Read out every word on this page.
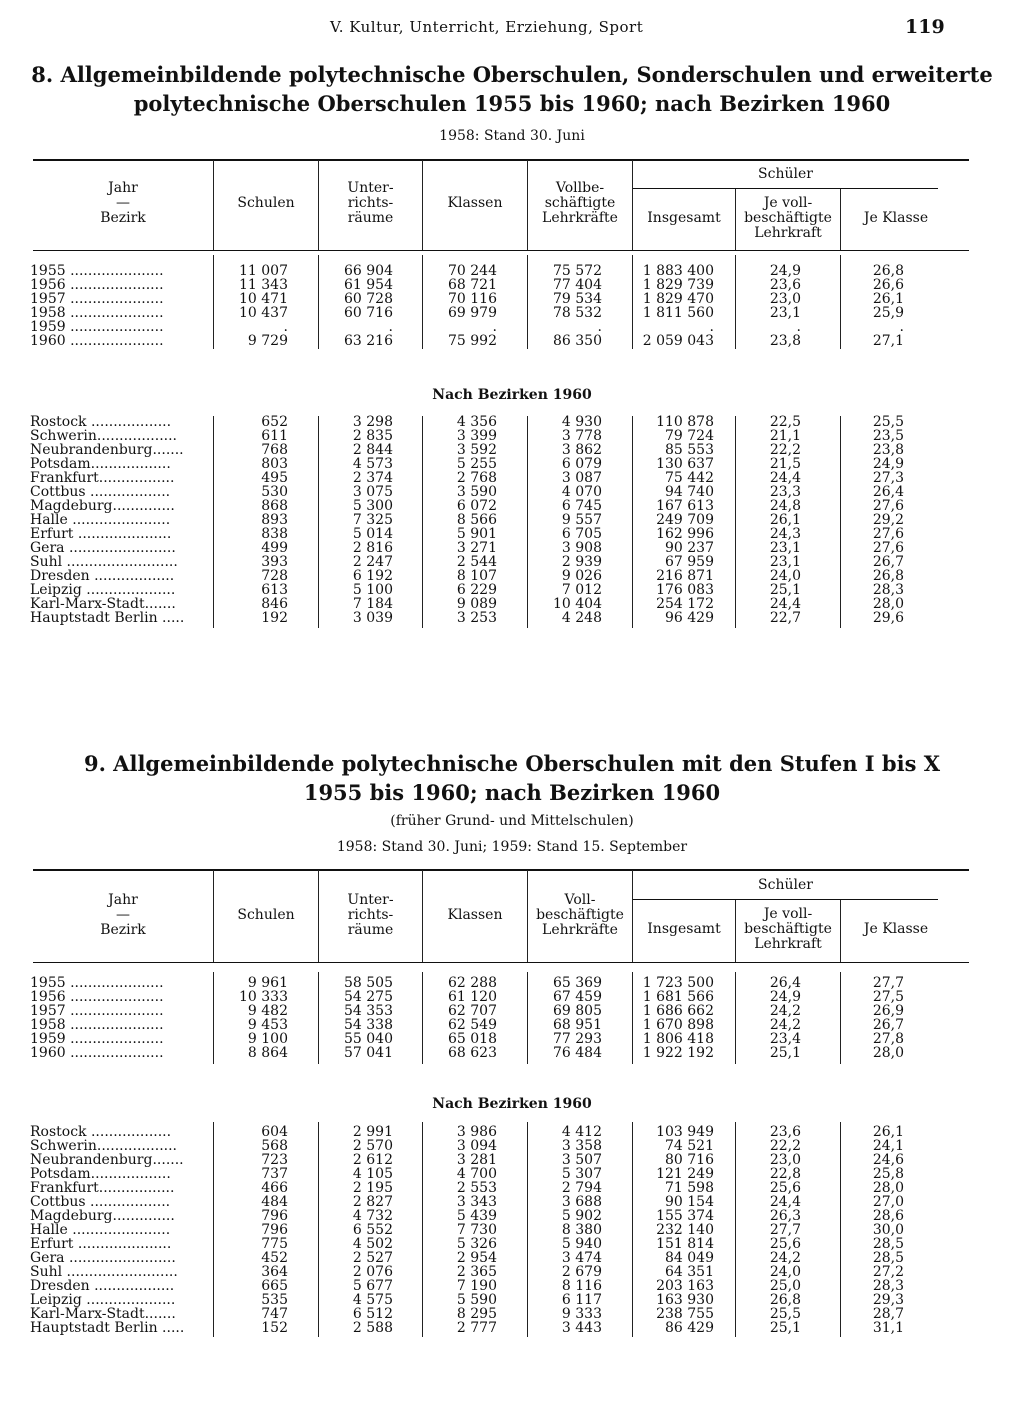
V. Kultur, Unterricht, Erziehung, Sport	119
8. Allgemeinbildende polytechnische Oberschulen, Sonderschulen und erweiterte
polytechnische Oberschulen 1955 bis 1960; nach Bezirken 1960
1958: Stand 30. Juni
Jahr
—
Bezirk
Schulen
Unter-
richts-
räume
Klassen
Vollbe-
schäftigte
Lehrkräfte
Schüler
Insgesamt
Je voll-
beschäftigte
Lehrkraft
Je Klasse
1955 .....................	11 007	66 904	70 244	75 572	1 883 400	24,9	26,8
1956 .....................	11 343	61 954	68 721	77 404	1 829 739	23,6	26,6
1957 .....................	10 471	60 728	70 116	79 534	1 829 470	23,0	26,1
1958 .....................	10 437	60 716	69 979	78 532	1 811 560	23,1	25,9
1959 .....................	.	.	.	.	.	.	.
1960 .....................	9 729	63 216	75 992	86 350	2 059 043	23,8	27,1
Nach Bezirken 1960
Rostock ..................	652	3 298	4 356	4 930	110 878	22,5	25,5
Schwerin..................	611	2 835	3 399	3 778	79 724	21,1	23,5
Neubrandenburg.......	768	2 844	3 592	3 862	85 553	22,2	23,8
Potsdam..................	803	4 573	5 255	6 079	130 637	21,5	24,9
Frankfurt.................	495	2 374	2 768	3 087	75 442	24,4	27,3
Cottbus ..................	530	3 075	3 590	4 070	94 740	23,3	26,4
Magdeburg..............	868	5 300	6 072	6 745	167 613	24,8	27,6
Halle ......................	893	7 325	8 566	9 557	249 709	26,1	29,2
Erfurt .....................	838	5 014	5 901	6 705	162 996	24,3	27,6
Gera ........................	499	2 816	3 271	3 908	90 237	23,1	27,6
Suhl .........................	393	2 247	2 544	2 939	67 959	23,1	26,7
Dresden ..................	728	6 192	8 107	9 026	216 871	24,0	26,8
Leipzig ....................	613	5 100	6 229	7 012	176 083	25,1	28,3
Karl-Marx-Stadt.......	846	7 184	9 089	10 404	254 172	24,4	28,0
Hauptstadt Berlin .....	192	3 039	3 253	4 248	96 429	22,7	29,6
9. Allgemeinbildende polytechnische Oberschulen mit den Stufen I bis X
1955 bis 1960; nach Bezirken 1960
(früher Grund- und Mittelschulen)
1958: Stand 30. Juni; 1959: Stand 15. September
Jahr
—
Bezirk
Schulen
Unter-
richts-
räume
Klassen
Voll-
beschäftigte
Lehrkräfte
Schüler
Insgesamt
Je voll-
beschäftigte
Lehrkraft
Je Klasse
1955 .....................	9 961	58 505	62 288	65 369	1 723 500	26,4	27,7
1956 .....................	10 333	54 275	61 120	67 459	1 681 566	24,9	27,5
1957 .....................	9 482	54 353	62 707	69 805	1 686 662	24,2	26,9
1958 .....................	9 453	54 338	62 549	68 951	1 670 898	24,2	26,7
1959 .....................	9 100	55 040	65 018	77 293	1 806 418	23,4	27,8
1960 .....................	8 864	57 041	68 623	76 484	1 922 192	25,1	28,0
Nach Bezirken 1960
Rostock ..................	604	2 991	3 986	4 412	103 949	23,6	26,1
Schwerin..................	568	2 570	3 094	3 358	74 521	22,2	24,1
Neubrandenburg.......	723	2 612	3 281	3 507	80 716	23,0	24,6
Potsdam..................	737	4 105	4 700	5 307	121 249	22,8	25,8
Frankfurt.................	466	2 195	2 553	2 794	71 598	25,6	28,0
Cottbus ..................	484	2 827	3 343	3 688	90 154	24,4	27,0
Magdeburg..............	796	4 732	5 439	5 902	155 374	26,3	28,6
Halle ......................	796	6 552	7 730	8 380	232 140	27,7	30,0
Erfurt .....................	775	4 502	5 326	5 940	151 814	25,6	28,5
Gera ........................	452	2 527	2 954	3 474	84 049	24,2	28,5
Suhl .........................	364	2 076	2 365	2 679	64 351	24,0	27,2
Dresden ..................	665	5 677	7 190	8 116	203 163	25,0	28,3
Leipzig ....................	535	4 575	5 590	6 117	163 930	26,8	29,3
Karl-Marx-Stadt.......	747	6 512	8 295	9 333	238 755	25,5	28,7
Hauptstadt Berlin .....	152	2 588	2 777	3 443	86 429	25,1	31,1
